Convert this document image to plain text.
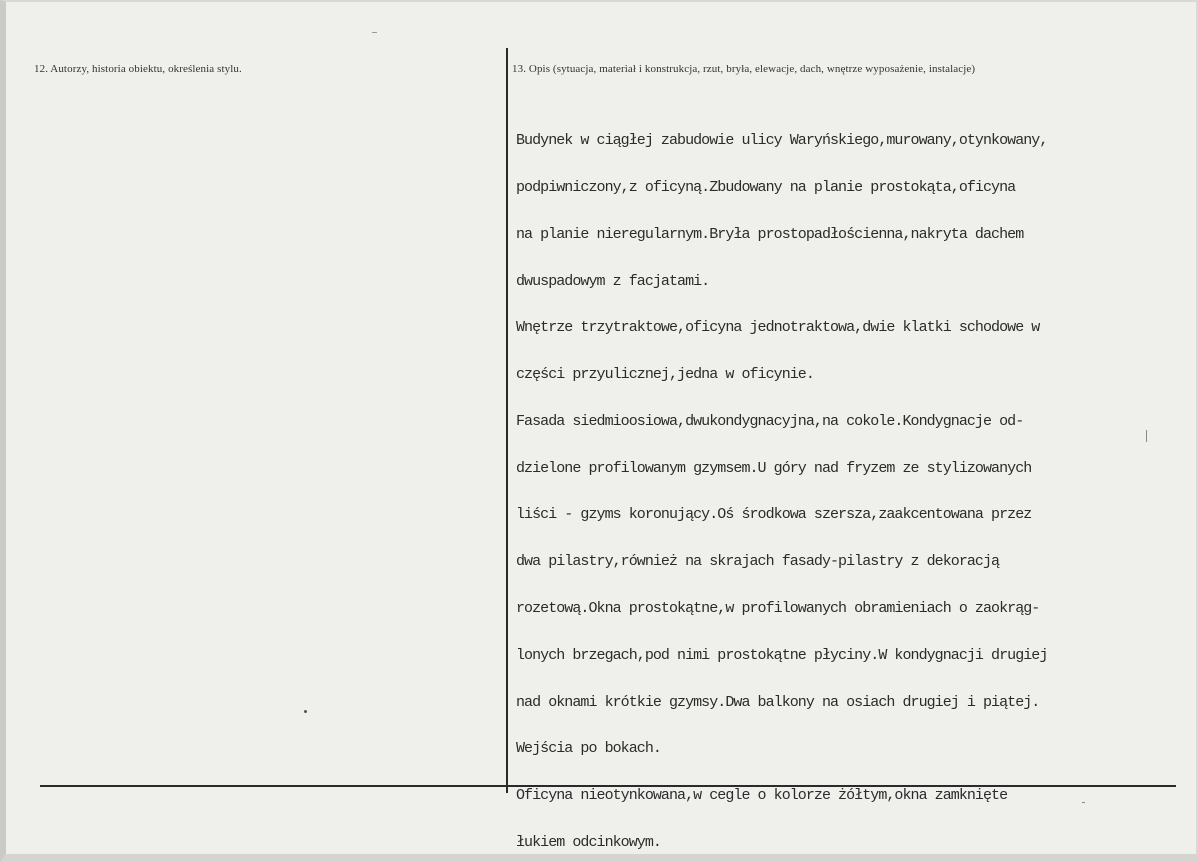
12. Autorzy, historia obiektu, określenia stylu.	13. Opis (sytuacja, materiał i konstrukcja, rzut, bryła, elewacje, dach, wnętrze wyposażenie, instalacje)

Budynek w ciągłej zabudowie ulicy Waryńskiego,murowany,otynkowany,

podpiwniczony,z oficyną.Zbudowany na planie prostokąta,oficyna

na planie nieregularnym.Bryła prostopadłościenna,nakryta dachem

dwuspadowym z facjatami.

Wnętrze trzytraktowe,oficyna jednotraktowa,dwie klatki schodowe w

części przyulicznej,jedna w oficynie.

Fasada siedmioosiowa,dwukondygnacyjna,na cokole.Kondygnacje od-

dzielone profilowanym gzymsem.U góry nad fryzem ze stylizowanych

liści - gzyms koronujący.Oś środkowa szersza,zaakcentowana przez

dwa pilastry,również na skrajach fasady-pilastry z dekoracją

rozetową.Okna prostokątne,w profilowanych obramieniach o zaokrąg-

lonych brzegach,pod nimi prostokątne płyciny.W kondygnacji drugiej

nad oknami krótkie gzymsy.Dwa balkony na osiach drugiej i piątej.

Wejścia po bokach.

Oficyna nieotynkowana,w cegle o kolorze żółtym,okna zamknięte

łukiem odcinkowym.
